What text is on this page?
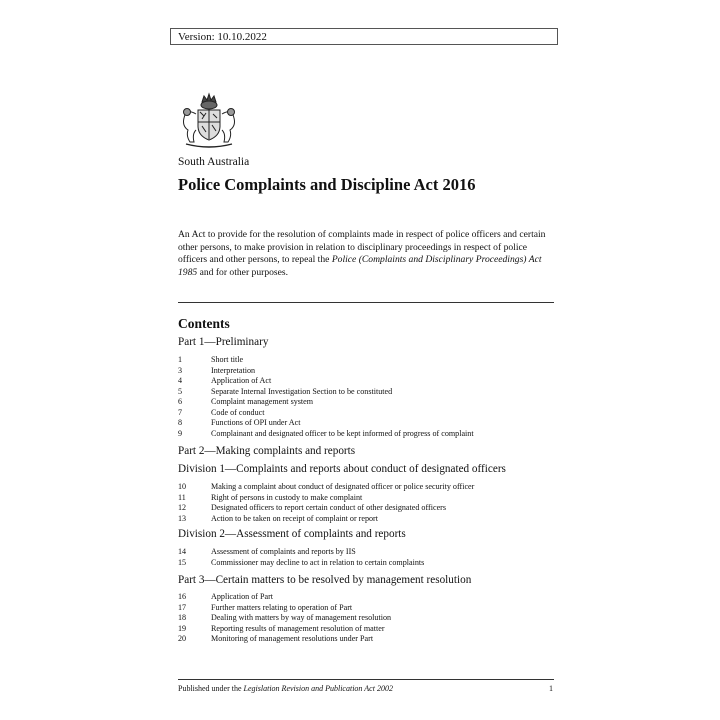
Version: 10.10.2022
South Australia
Police Complaints and Discipline Act 2016

An Act to provide for the resolution of complaints made in respect of police officers and certain other persons, to make provision in relation to disciplinary proceedings in respect of police officers and other persons, to repeal the Police (Complaints and Disciplinary Proceedings) Act 1985 and for other purposes.

Contents
Part 1—Preliminary
1	Short title
3	Interpretation
4	Application of Act
5	Separate Internal Investigation Section to be constituted
6	Complaint management system
7	Code of conduct
8	Functions of OPI under Act
9	Complainant and designated officer to be kept informed of progress of complaint
Part 2—Making complaints and reports
Division 1—Complaints and reports about conduct of designated officers
10	Making a complaint about conduct of designated officer or police security officer
11	Right of persons in custody to make complaint
12	Designated officers to report certain conduct of other designated officers
13	Action to be taken on receipt of complaint or report
Division 2—Assessment of complaints and reports
14	Assessment of complaints and reports by IIS
15	Commissioner may decline to act in relation to certain complaints
Part 3—Certain matters to be resolved by management resolution
16	Application of Part
17	Further matters relating to operation of Part
18	Dealing with matters by way of management resolution
19	Reporting results of management resolution of matter
20	Monitoring of management resolutions under Part
Published under the Legislation Revision and Publication Act 2002	1
